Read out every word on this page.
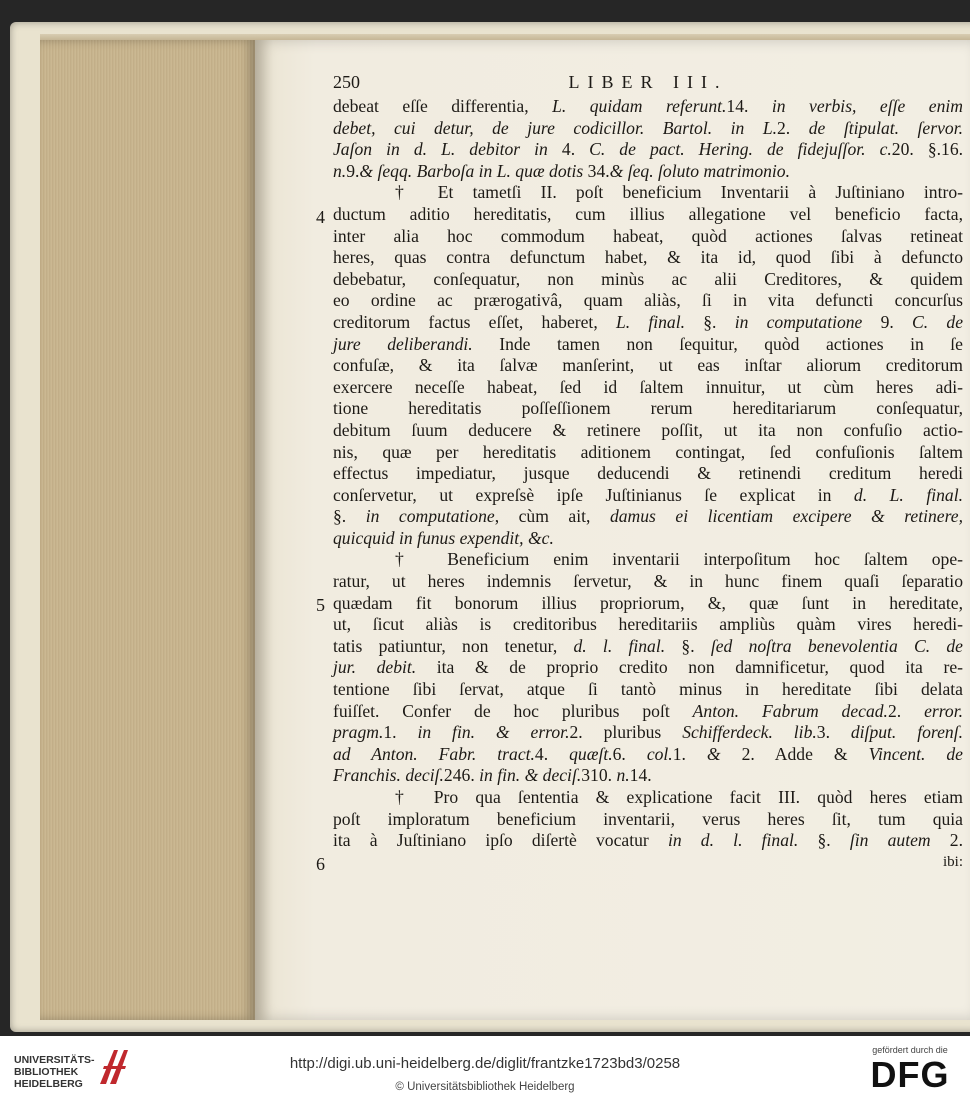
250	LIBER III.
debeat eſſe differentia, L. quidam referunt.14. in verbis, eſſe enim
debet, cui detur, de jure codicillor. Bartol. in L.2. de ſtipulat. ſervor.
Jaſon in d. L. debitor in 4. C. de pact. Hering. de fidejuſſor. c.20. §.16.
n.9.& ſeqq. Barboſa in L. quæ dotis 34.& ſeq. ſoluto matrimonio.
† Et tametſi II. poſt beneficium Inventarii à Juſtiniano intro-
ductum aditio hereditatis, cum illius allegatione vel beneficio facta,
inter alia hoc commodum habeat, quòd actiones ſalvas retineat
heres, quas contra defunctum habet, & ita id, quod ſibi à defuncto
debebatur, conſequatur, non minùs ac alii Creditores, & quidem
eo ordine ac prærogativâ, quam aliàs, ſi in vita defuncti concurſus
creditorum factus eſſet, haberet, L. final. §. in computatione 9. C. de
jure deliberandi. Inde tamen non ſequitur, quòd actiones in ſe
confuſæ, & ita ſalvæ manſerint, ut eas inſtar aliorum creditorum
exercere neceſſe habeat, ſed id ſaltem innuitur, ut cùm heres adi-
tione hereditatis poſſeſſionem rerum hereditariarum conſequatur,
debitum ſuum deducere & retinere poſſit, ut ita non confuſio actio-
nis, quæ per hereditatis aditionem contingat, ſed confuſionis ſaltem
effectus impediatur, jusque deducendi & retinendi creditum heredi
conſervetur, ut expreſsè ipſe Juſtinianus ſe explicat in d. L. final.
§. in computatione, cùm ait, damus ei licentiam excipere & retinere,
quicquid in funus expendit, &c.
† Beneficium enim inventarii interpoſitum hoc ſaltem ope-
ratur, ut heres indemnis ſervetur, & in hunc finem quaſi ſeparatio
quædam fit bonorum illius propriorum, &, quæ ſunt in hereditate,
ut, ſicut aliàs is creditoribus hereditariis ampliùs quàm vires heredi-
tatis patiuntur, non tenetur, d. l. final. §. ſed noſtra benevolentia C. de
jur. debit. ita & de proprio credito non damnificetur, quod ita re-
tentione ſibi ſervat, atque ſi tantò minus in hereditate ſibi delata
fuiſſet. Confer de hoc pluribus poſt Anton. Fabrum decad.2. error.
pragm.1. in fin. & error.2. pluribus Schifferdeck. lib.3. diſput. forenſ.
ad Anton. Fabr. tract.4. quæſt.6. col.1. & 2. Adde & Vincent. de
Franchis. deciſ.246. in fin. & deciſ.310. n.14.
† Pro qua ſententia & explicatione facit III. quòd heres etiam
poſt imploratum beneficium inventarii, verus heres ſit, tum quia
ita à Juſtiniano ipſo diſertè vocatur in d. l. final. §. ſin autem 2.
ibi:
4
5
6
UNIVERSITÄTS-
BIBLIOTHEK
HEIDELBERG
http://digi.ub.uni-heidelberg.de/diglit/frantzke1723bd3/0258
© Universitätsbibliothek Heidelberg
gefördert durch die
DFG
